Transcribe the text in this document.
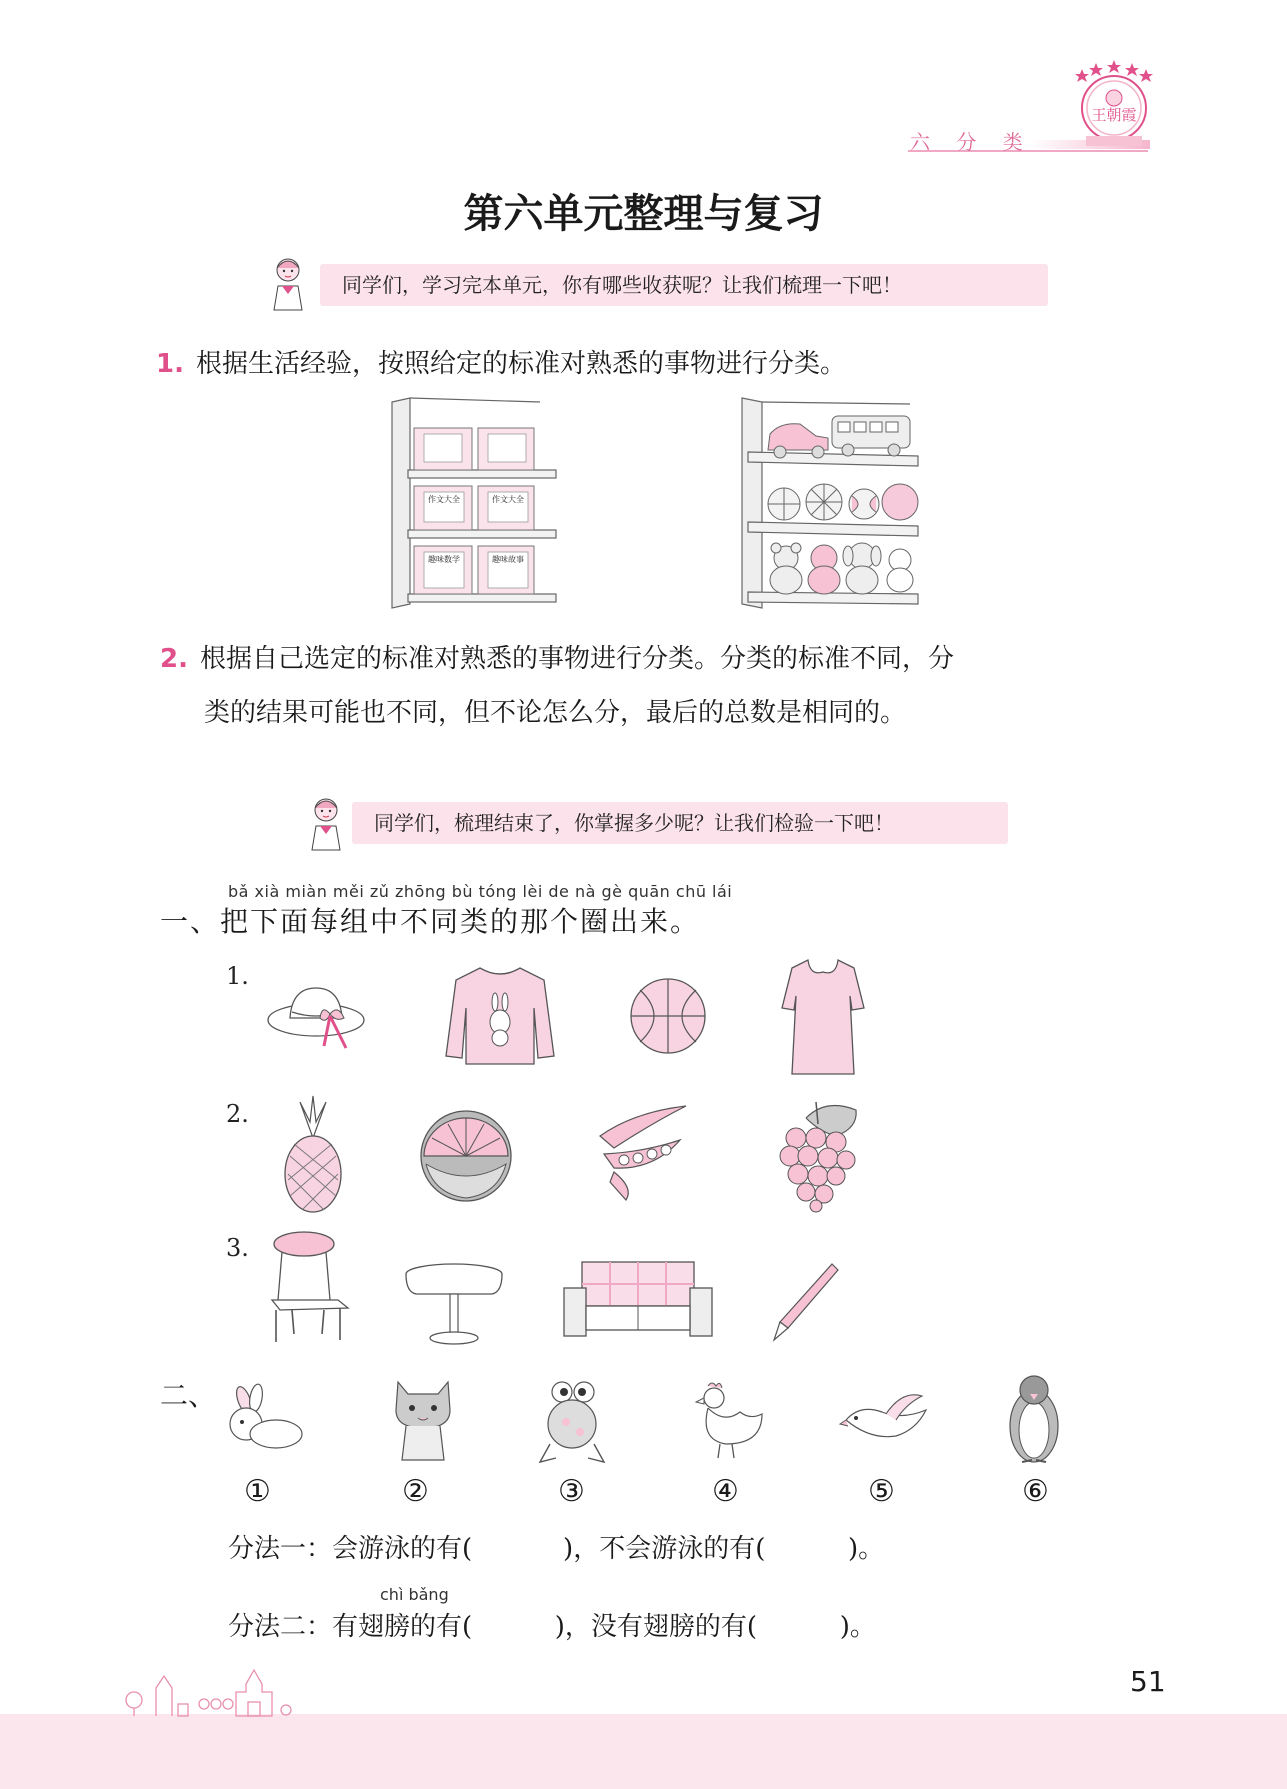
六 分 类
王朝霞
第六单元整理与复习
同学们，学习完本单元，你有哪些收获呢？让我们梳理一下吧！
1. 根据生活经验，按照给定的标准对熟悉的事物进行分类。
作文大全	作文大全
趣味数学	趣味故事
2. 根据自己选定的标准对熟悉的事物进行分类。分类的标准不同，分
类的结果可能也不同，但不论怎么分，最后的总数是相同的。
同学们，梳理结束了，你掌握多少呢？让我们检验一下吧！
bǎ xià miàn měi zǔ zhōng bù tóng lèi de nà gè quān chū lái
一、把下面每组中不同类的那个圈出来。
1.
2.
3.
二、
①	②	③	④	⑤	⑥
分法一：会游泳的有(           )，不会游泳的有(          )。
chì bǎng
分法二：有翅膀的有(          )，没有翅膀的有(          )。
51
